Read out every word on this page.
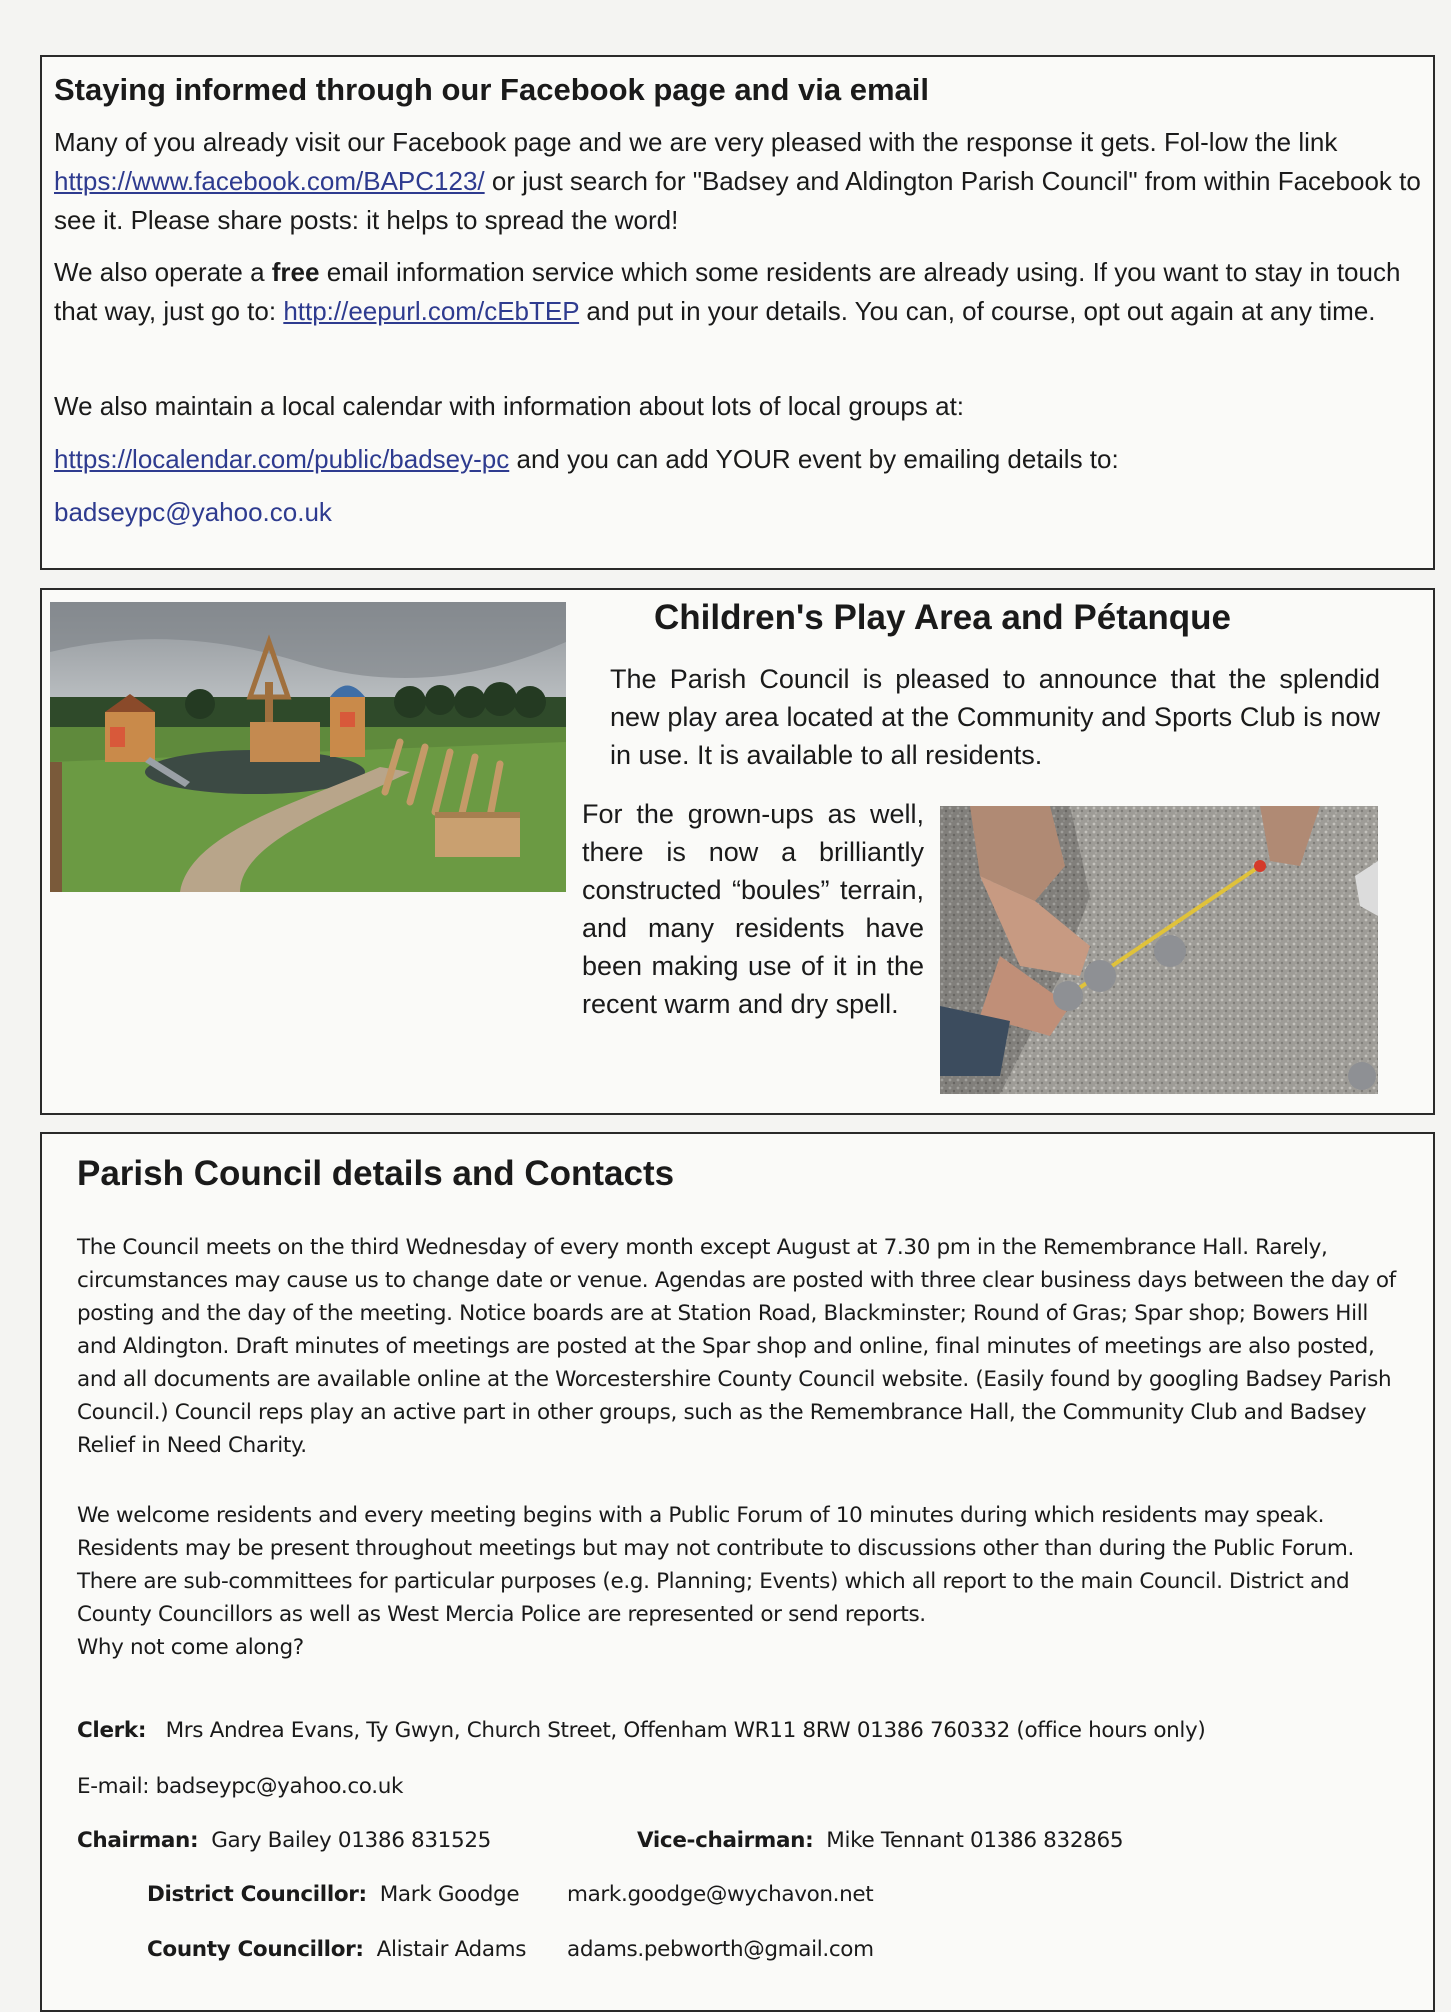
Staying informed through our Facebook page and via email

Many of you already visit our Facebook page and we are very pleased with the response it gets. Fol-low the link https://www.facebook.com/BAPC123/ or just search for "Badsey and Aldington Parish Council" from within Facebook to see it. Please share posts: it helps to spread the word!

We also operate a free email information service which some residents are already using. If you want to stay in touch that way, just go to: http://eepurl.com/cEbTEP and put in your details. You can, of course, opt out again at any time.

We also maintain a local calendar with information about lots of local groups at:

https://localendar.com/public/badsey-pc and you can add YOUR event by emailing details to:

badseypc@yahoo.co.uk

Children's Play Area and Pétanque

The Parish Council is pleased to announce that the splendid new play area located at the Community and Sports Club is now in use. It is available to all residents.

For the grown-ups as well, there is now a brilliantly constructed “boules” terrain, and many residents have been making use of it in the recent warm and dry spell.

Parish Council details and Contacts

The Council meets on the third Wednesday of every month except August at 7.30 pm in the Remembrance Hall. Rarely, circumstances may cause us to change date or venue. Agendas are posted with three clear business days between the day of posting and the day of the meeting. Notice boards are at Station Road, Blackminster; Round of Gras; Spar shop; Bowers Hill and Aldington. Draft minutes of meetings are posted at the Spar shop and online, final minutes of meetings are also posted, and all documents are available online at the Worcestershire County Council website. (Easily found by googling Badsey Parish Council.) Council reps play an active part in other groups, such as the Remembrance Hall, the Community Club and Badsey Relief in Need Charity.

We welcome residents and every meeting begins with a Public Forum of 10 minutes during which residents may speak. Residents may be present throughout meetings but may not contribute to discussions other than during the Public Forum. There are sub-committees for particular purposes (e.g. Planning; Events) which all report to the main Council. District and County Councillors as well as West Mercia Police are represented or send reports.

Why not come along?

Clerk: Mrs Andrea Evans, Ty Gwyn, Church Street, Offenham WR11 8RW 01386 760332 (office hours only)
E-mail: badseypc@yahoo.co.uk
Chairman: Gary Bailey 01386 831525	Vice-chairman: Mike Tennant 01386 832865
District Councillor: Mark Goodge mark.goodge@wychavon.net
County Councillor: Alistair Adams adams.pebworth@gmail.com
